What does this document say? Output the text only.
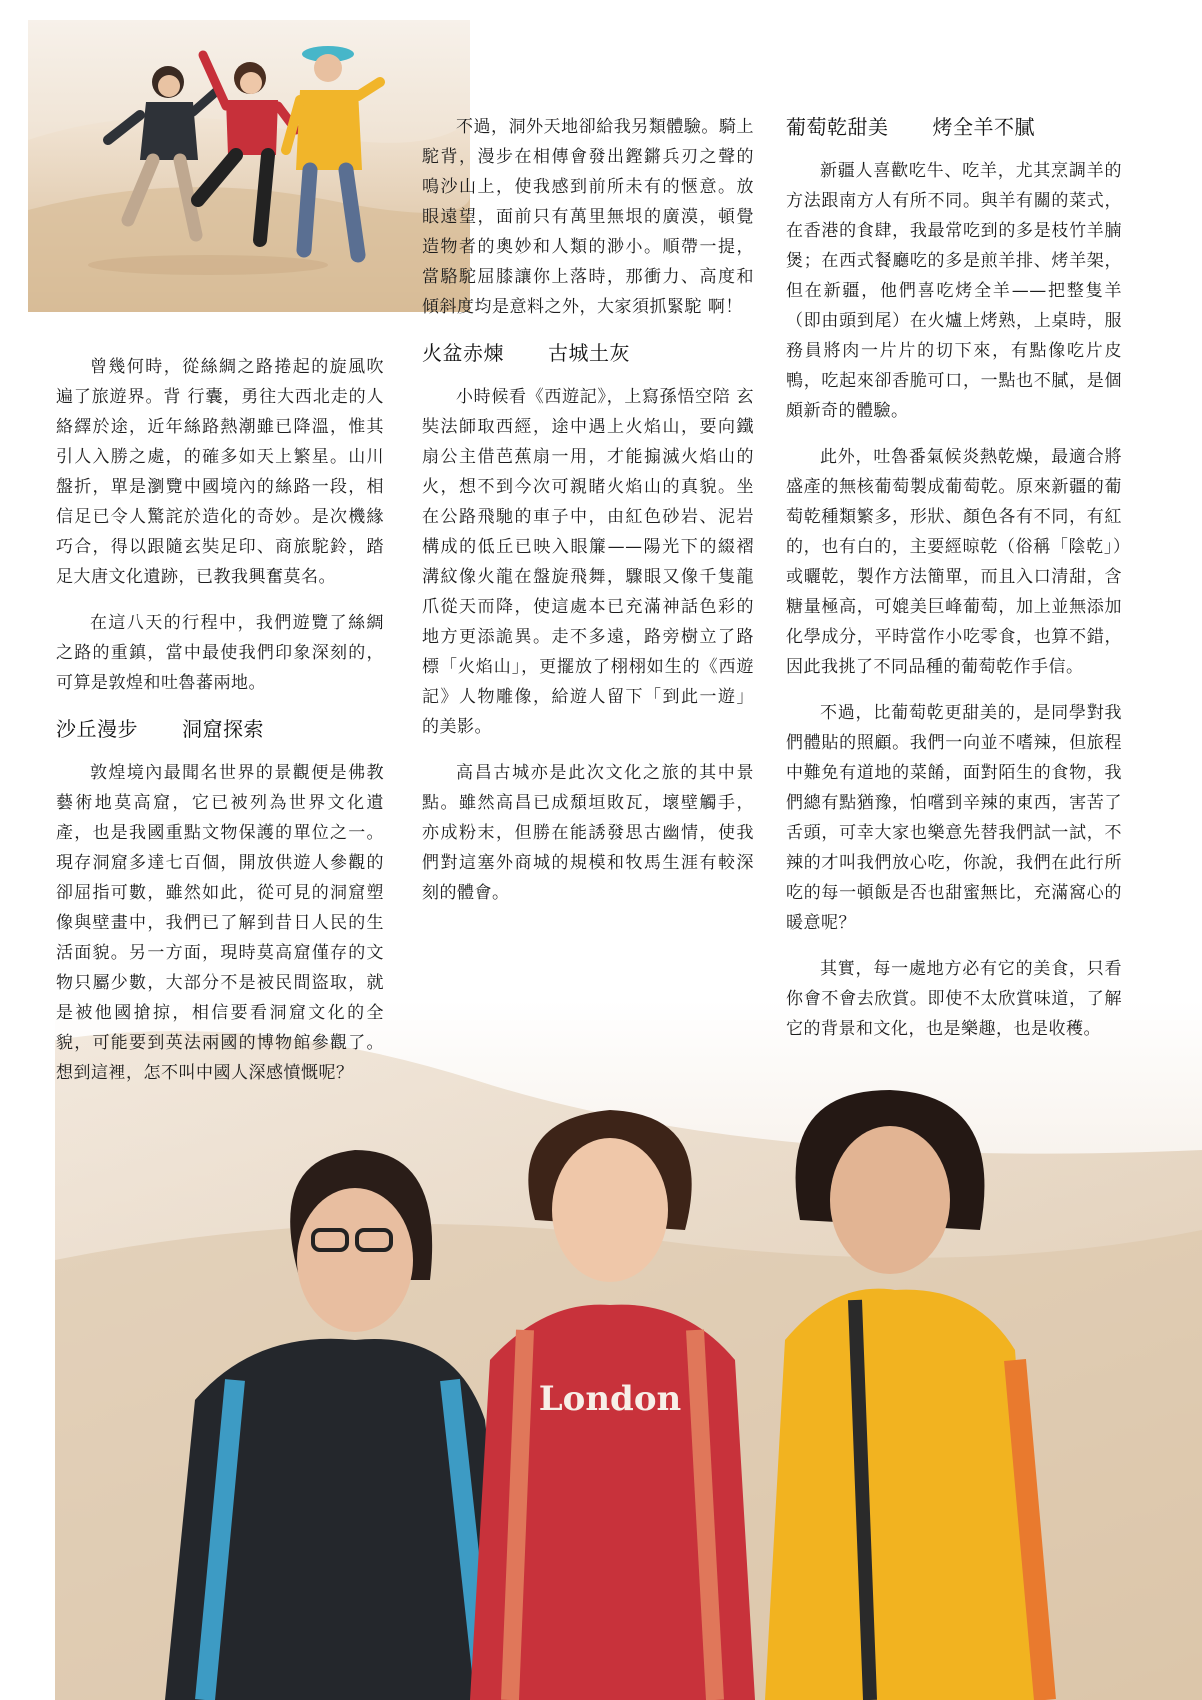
London

曾幾何時，從絲綢之路捲起的旋風吹遍了旅遊界。背 行囊，勇往大西北走的人絡繹於途，近年絲路熱潮雖已降溫，惟其引人入勝之處，的確多如天上繁星。山川盤折，單是瀏覽中國境內的絲路一段，相信足已令人驚詫於造化的奇妙。是次機緣巧合，得以跟隨玄奘足印、商旅駝鈴，踏足大唐文化遺跡，已教我興奮莫名。

在這八天的行程中，我們遊覽了絲綢之路的重鎮，當中最使我們印象深刻的，可算是敦煌和吐魯蕃兩地。

沙丘漫步 洞窟探索

敦煌境內最聞名世界的景觀便是佛教藝術地莫高窟，它已被列為世界文化遺產，也是我國重點文物保護的單位之一。現存洞窟多達七百個，開放供遊人參觀的卻屈指可數，雖然如此，從可見的洞窟塑像與壁畫中，我們已了解到昔日人民的生活面貌。另一方面，現時莫高窟僅存的文物只屬少數，大部分不是被民間盜取，就是被他國搶掠，相信要看洞窟文化的全貌，可能要到英法兩國的博物館參觀了。想到這裡，怎不叫中國人深感憤慨呢？

不過，洞外天地卻給我另類體驗。騎上駝背，漫步在相傳會發出鏗鏘兵刃之聲的鳴沙山上，使我感到前所未有的愜意。放眼遠望，面前只有萬里無垠的廣漠，頓覺造物者的奧妙和人類的渺小。順帶一提，當駱駝屈膝讓你上落時，那衝力、高度和傾斜度均是意料之外，大家須抓緊駝 啊！

火盆赤煉 古城土灰

小時候看《西遊記》，上寫孫悟空陪 玄奘法師取西經，途中遇上火焰山，要向鐵扇公主借芭蕉扇一用，才能搧滅火焰山的火，想不到今次可親睹火焰山的真貌。坐在公路飛馳的車子中，由紅色砂岩、泥岩構成的低丘已映入眼簾——陽光下的綴褶溝紋像火龍在盤旋飛舞，驟眼又像千隻龍爪從天而降，使這處本已充滿神話色彩的地方更添詭異。走不多遠，路旁樹立了路標「火焰山」，更擺放了栩栩如生的《西遊記》人物雕像，給遊人留下「到此一遊」的美影。

高昌古城亦是此次文化之旅的其中景點。雖然高昌已成頹垣敗瓦，壞壁觸手，亦成粉末，但勝在能誘發思古幽情，使我們對這塞外商城的規模和牧馬生涯有較深刻的體會。

葡萄乾甜美 烤全羊不膩

新疆人喜歡吃牛、吃羊，尤其烹調羊的方法跟南方人有所不同。與羊有關的菜式，在香港的食肆，我最常吃到的多是枝竹羊腩煲；在西式餐廳吃的多是煎羊排、烤羊架，但在新疆，他們喜吃烤全羊——把整隻羊（即由頭到尾）在火爐上烤熟，上桌時，服務員將肉一片片的切下來，有點像吃片皮鴨，吃起來卻香脆可口，一點也不膩，是個頗新奇的體驗。

此外，吐魯番氣候炎熱乾燥，最適合將盛產的無核葡萄製成葡萄乾。原來新疆的葡萄乾種類繁多，形狀、顏色各有不同，有紅的，也有白的，主要經晾乾（俗稱「陰乾」）或曬乾，製作方法簡單，而且入口清甜，含糖量極高，可媲美巨峰葡萄，加上並無添加化學成分，平時當作小吃零食，也算不錯，因此我挑了不同品種的葡萄乾作手信。

不過，比葡萄乾更甜美的，是同學對我們體貼的照顧。我們一向並不嗜辣，但旅程中難免有道地的菜餚，面對陌生的食物，我們總有點猶豫，怕嚐到辛辣的東西，害苦了舌頭，可幸大家也樂意先替我們試一試，不辣的才叫我們放心吃，你說，我們在此行所吃的每一頓飯是否也甜蜜無比，充滿窩心的暖意呢？

其實，每一處地方必有它的美食，只看你會不會去欣賞。即使不太欣賞味道，了解它的背景和文化，也是樂趣，也是收穫。
